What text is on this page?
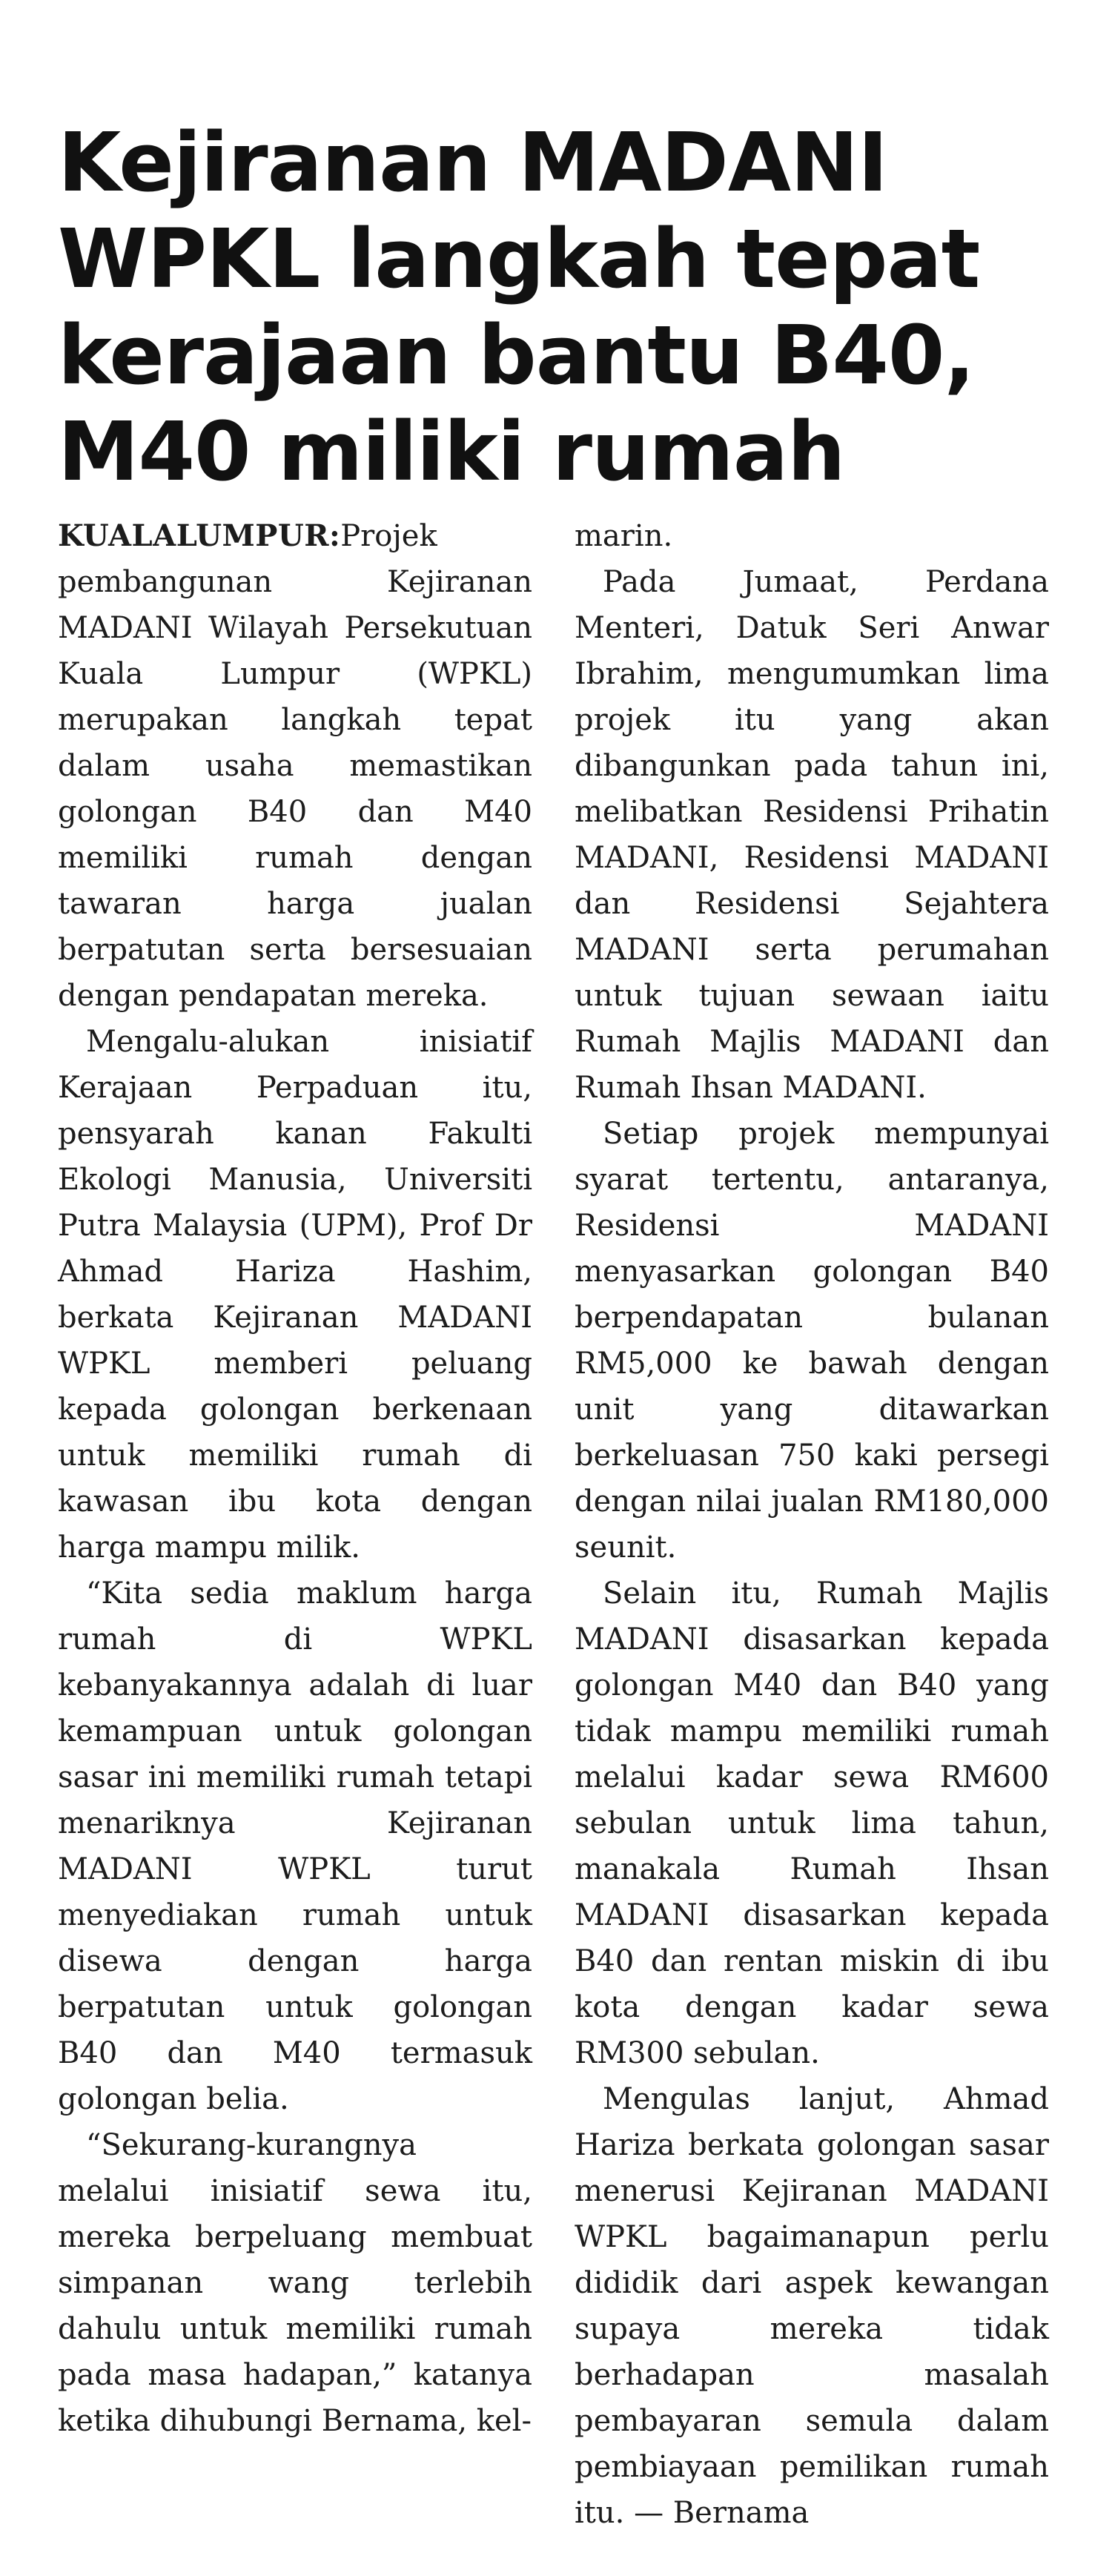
Kejiranan MADANI
WPKL langkah tepat
kerajaan bantu B40,
M40 miliki rumah

KUALALUMPUR:Projek pembangunan Kejiranan MADANI Wilayah Persekutuan Kuala Lumpur (WPKL) merupakan langkah tepat dalam usaha memastikan golongan B40 dan M40 memiliki rumah dengan tawaran harga jualan berpatutan serta bersesuaian dengan pendapatan mereka.

Mengalu-alukan inisiatif Kerajaan Perpaduan itu, pensyarah kanan Fakulti Ekologi Manusia, Universiti Putra Malaysia (UPM), Prof Dr Ahmad Hariza Hashim, berkata Kejiranan MADANI WPKL memberi peluang kepada golongan berkenaan untuk memiliki rumah di kawasan ibu kota dengan harga mampu milik.

“Kita sedia maklum harga rumah di WPKL kebanyakannya adalah di luar kemampuan untuk golongan sasar ini memiliki rumah tetapi menariknya Kejiranan MADANI WPKL turut menyediakan rumah untuk disewa dengan harga berpatutan untuk golongan B40 dan M40 termasuk golongan belia.

“Sekurang-kurangnya melalui inisiatif sewa itu, mereka berpeluang membuat simpanan wang terlebih dahulu untuk memiliki rumah pada masa hadapan,” katanya ketika dihubungi Bernama, kel-

marin.

Pada Jumaat, Perdana Menteri, Datuk Seri Anwar Ibrahim, mengumumkan lima projek itu yang akan dibangunkan pada tahun ini, melibatkan Residensi Prihatin MADANI, Residensi MADANI dan Residensi Sejahtera MADANI serta perumahan untuk tujuan sewaan iaitu Rumah Majlis MADANI dan Rumah Ihsan MADANI.

Setiap projek mempunyai syarat tertentu, antaranya, Residensi MADANI menyasarkan golongan B40 berpendapatan bulanan RM5,000 ke bawah dengan unit yang ditawarkan berkeluasan 750 kaki persegi dengan nilai jualan RM180,000 seunit.

Selain itu, Rumah Majlis MADANI disasarkan kepada golongan M40 dan B40 yang tidak mampu memiliki rumah melalui kadar sewa RM600 sebulan untuk lima tahun, manakala Rumah Ihsan MADANI disasarkan kepada B40 dan rentan miskin di ibu kota dengan kadar sewa RM300 sebulan.

Mengulas lanjut, Ahmad Hariza berkata golongan sasar menerusi Kejiranan MADANI WPKL bagaimanapun perlu dididik dari aspek kewangan supaya mereka tidak berhadapan masalah pembayaran semula dalam pembiayaan pemilikan rumah itu. — Bernama
